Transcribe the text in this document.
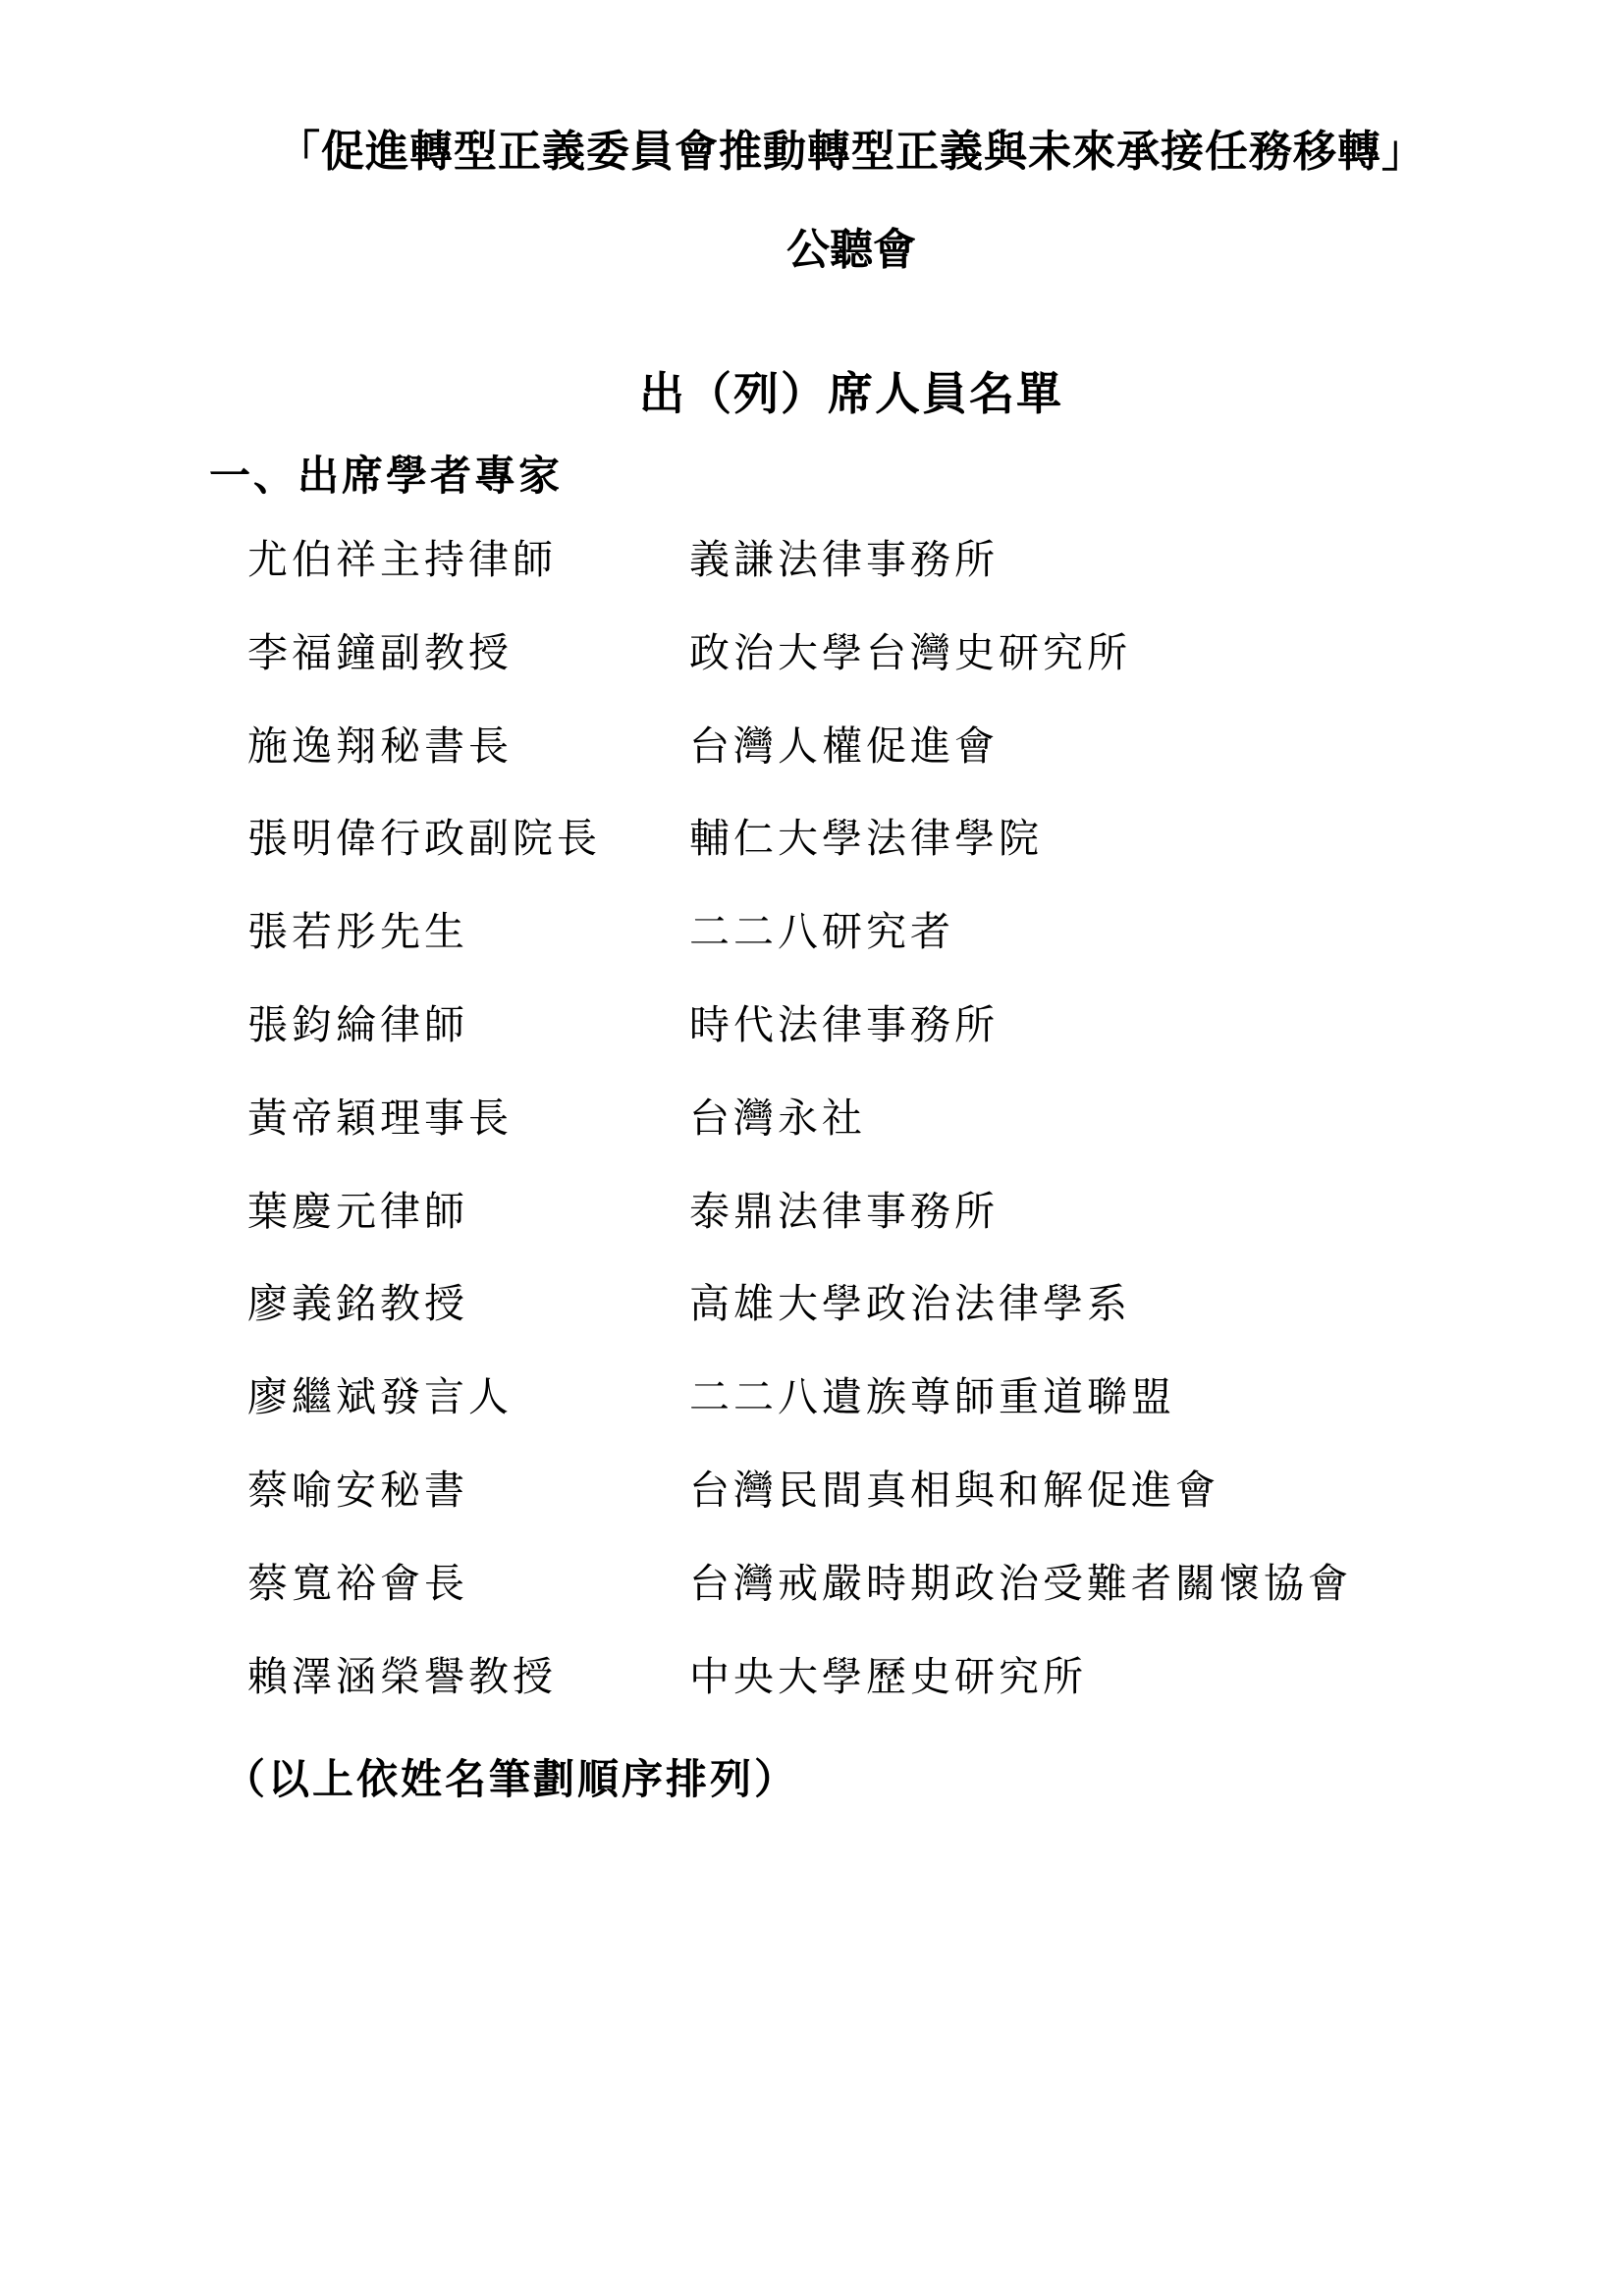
「促進轉型正義委員會推動轉型正義與未來承接任務移轉」
公聽會
出（列）席人員名單
一、出席學者專家
尤伯祥主持律師	義謙法律事務所
李福鐘副教授	政治大學台灣史研究所
施逸翔秘書長	台灣人權促進會
張明偉行政副院長 輔仁大學法律學院
張若彤先生	二二八研究者
張鈞綸律師	時代法律事務所
黃帝穎理事長	台灣永社
葉慶元律師	泰鼎法律事務所
廖義銘教授	高雄大學政治法律學系
廖繼斌發言人	二二八遺族尊師重道聯盟
蔡喻安秘書	台灣民間真相與和解促進會
蔡寬裕會長	台灣戒嚴時期政治受難者關懷協會
賴澤涵榮譽教授	中央大學歷史研究所
（以上依姓名筆劃順序排列）
